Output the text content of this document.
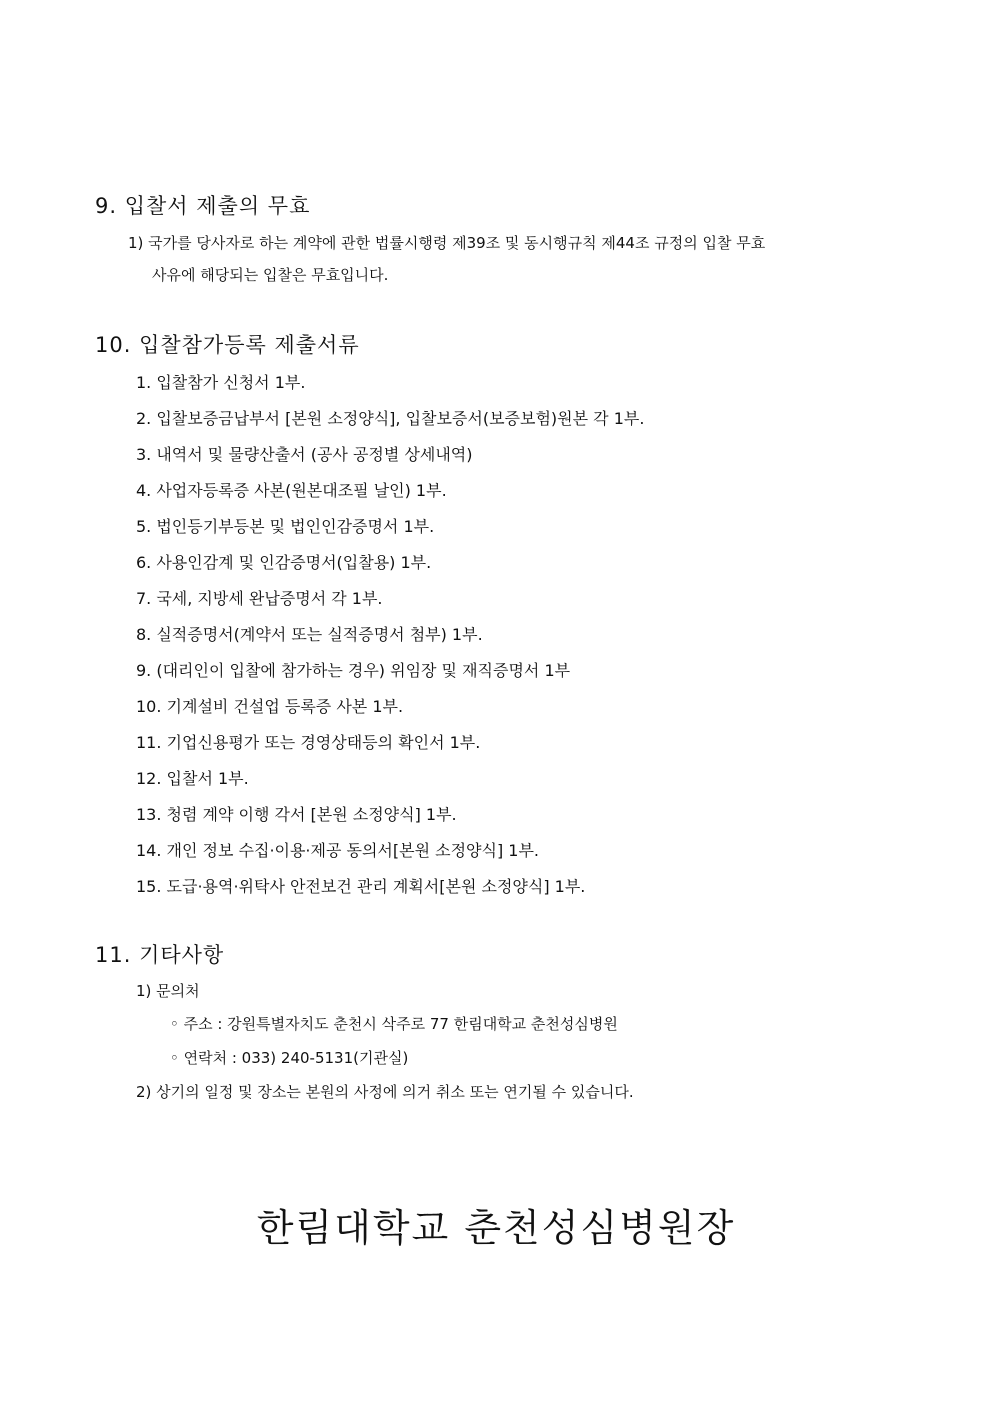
9. 입찰서 제출의 무효
1) 국가를 당사자로 하는 계약에 관한 법률시행령 제39조 및 동시행규칙 제44조 규정의 입찰 무효
사유에 해당되는 입찰은 무효입니다.
10. 입찰참가등록 제출서류
1. 입찰참가 신청서 1부.
2. 입찰보증금납부서 [본원 소정양식], 입찰보증서(보증보험)원본 각 1부.
3. 내역서 및 물량산출서 (공사 공정별 상세내역)
4. 사업자등록증 사본(원본대조필 날인) 1부.
5. 법인등기부등본 및 법인인감증명서 1부.
6. 사용인감계 및 인감증명서(입찰용) 1부.
7. 국세, 지방세 완납증명서 각 1부.
8. 실적증명서(계약서 또는 실적증명서 첨부) 1부.
9. (대리인이 입찰에 참가하는 경우) 위임장 및 재직증명서 1부
10. 기계설비 건설업 등록증 사본 1부.
11. 기업신용평가 또는 경영상태등의 확인서 1부.
12. 입찰서 1부.
13. 청렴 계약 이행 각서 [본원 소정양식] 1부.
14. 개인 정보 수집·이용·제공 동의서[본원 소정양식] 1부.
15. 도급·용역·위탁사 안전보건 관리 계획서[본원 소정양식] 1부.
11. 기타사항
1) 문의처
◦ 주소 : 강원특별자치도 춘천시 삭주로 77 한림대학교 춘천성심병원
◦ 연락처 : 033) 240-5131(기관실)
2) 상기의 일정 및 장소는 본원의 사정에 의거 취소 또는 연기될 수 있습니다.
한림대학교 춘천성심병원장
